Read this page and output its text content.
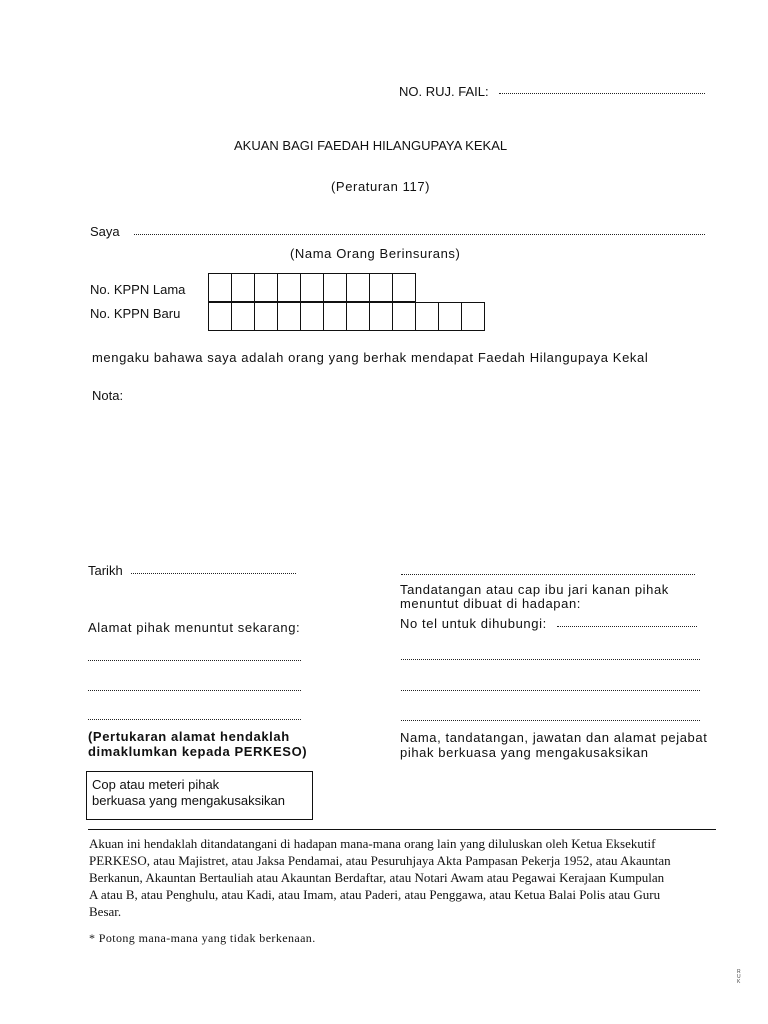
NO. RUJ. FAIL:
AKUAN BAGI FAEDAH HILANGUPAYA KEKAL
(Peraturan 117)
Saya
(Nama Orang Berinsurans)
No. KPPN Lama
No. KPPN Baru
mengaku bahawa saya adalah orang yang berhak mendapat Faedah Hilangupaya Kekal
Nota:
Tarikh
Alamat pihak menuntut sekarang:
(Pertukaran alamat hendaklah
dimaklumkan kepada PERKESO)
Cop atau meteri pihak
berkuasa yang mengakusaksikan
Tandatangan atau cap ibu jari kanan pihak
menuntut dibuat di hadapan:
No tel untuk dihubungi:
Nama, tandatangan, jawatan dan alamat pejabat
pihak berkuasa yang mengakusaksikan
Akuan ini hendaklah ditandatangani di hadapan mana-mana orang lain yang diluluskan oleh Ketua Eksekutif
PERKESO, atau Majistret, atau Jaksa Pendamai, atau Pesuruhjaya Akta Pampasan Pekerja 1952, atau Akauntan
Berkanun, Akauntan Bertauliah atau Akauntan Berdaftar, atau Notari Awam atau Pegawai Kerajaan Kumpulan
A atau B, atau Penghulu, atau Kadi, atau Imam, atau Paderi, atau Penggawa, atau Ketua Balai Polis atau Guru
Besar.
* Potong mana-mana yang tidak berkenaan.
RUK
